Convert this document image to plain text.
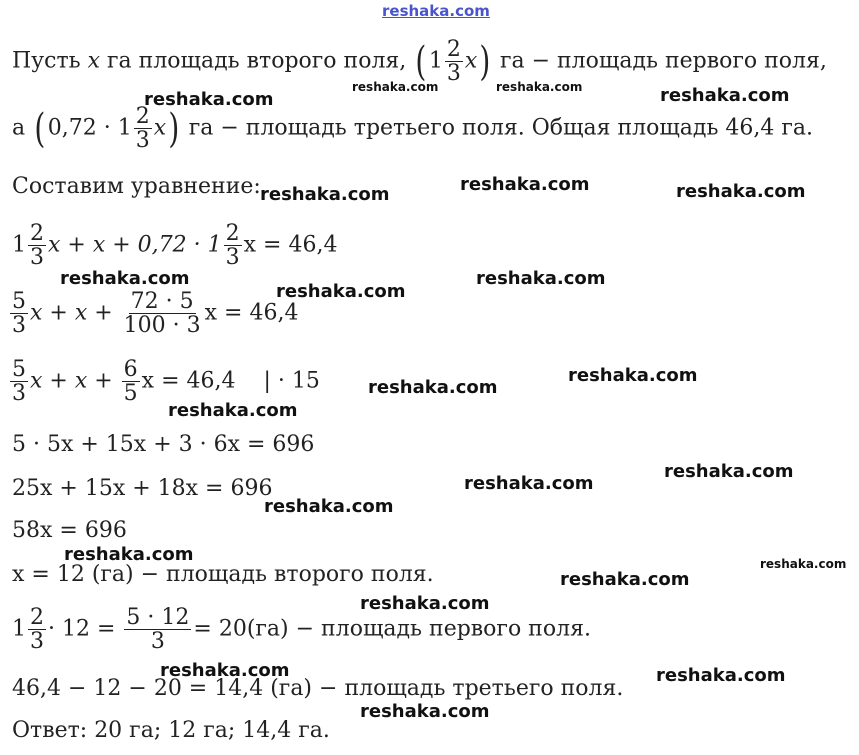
reshaka.com
Пусть x га площадь второго поля, ( $1 \frac{2}{3} x$) га − площадь первого поля,
а ( $0,72 \cdot 1 \frac{2}{3} x$) га − площадь третьего поля. Общая площадь 46,4 га.
Составим уравнение:
$1 \frac{2}{3}$ $x + x + 0,72 \cdot 1 \frac{2}{3}$ x = 46,4
$\frac{5}{3}$ $x + x + \frac{72 \cdot 5}{100 \cdot 3}$ x = 46,4
$\frac{5}{3}$ $x + x + \frac{6}{5}$ x = 46,4 | · 15
5 · 5x + 15x + 3 · 6x = 696
25x + 15x + 18x = 696
58x = 696
x = 12 (га) − площадь второго поля.
$1 \frac{2}{3} \cdot 12 = \frac{5 \cdot 12}{3} = 20(га)$ − площадь первого поля.
46,4 − 12 − 20 = 14,4 (га) − площадь третьего поля.
Ответ: 20 га; 12 га; 14,4 га.
reshaka.com	reshaka.com	reshaka.com
reshaka.com
reshaka.com	reshaka.com
reshaka.com
reshaka.com	reshaka.com
reshaka.com
reshaka.com
reshaka.com
reshaka.com
reshaka.com
reshaka.com
reshaka.com
reshaka.com	reshaka.com
reshaka.com
reshaka.com
reshaka.com	reshaka.com
reshaka.com
